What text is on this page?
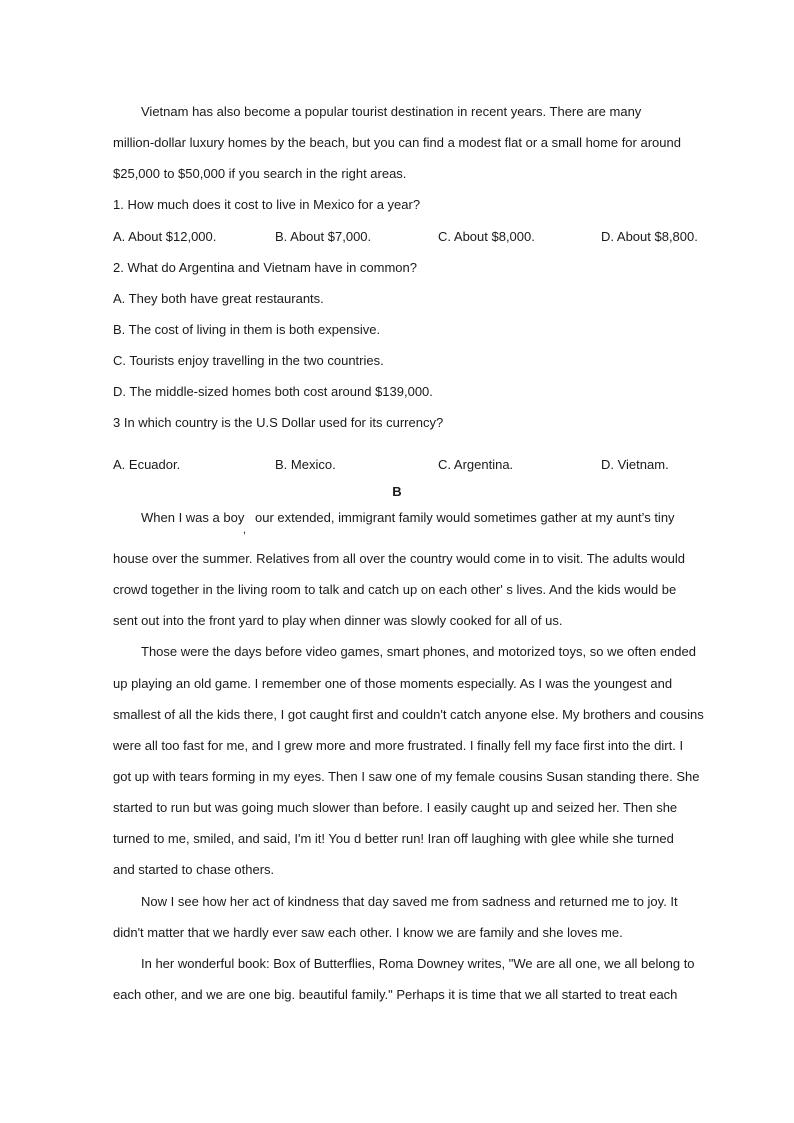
Vietnam has also become a popular tourist destination in recent years. There are many
million-dollar luxury homes by the beach, but you can find a modest flat or a small home for around
$25,000 to $50,000 if you search in the right areas.
1. How much does it cost to live in Mexico for a year?
A. About $12,000.	B. About $7,000.	C. About $8,000.	D. About $8,800.
2. What do Argentina and Vietnam have in common?
A. They both have great restaurants.
B. The cost of living in them is both expensive.
C. Tourists enjoy travelling in the two countries.
D. The middle-sized homes both cost around $139,000.
3 In which country is the U.S Dollar used for its currency?
A. Ecuador.	B. Mexico.	C. Argentina.	D. Vietnam.
B
When I was a boy
,
our extended, immigrant family would sometimes gather at my aunt’s tiny
house over the summer. Relatives from all over the country would come in to visit. The adults would
crowd together in the living room to talk and catch up on each other' s lives. And the kids would be
sent out into the front yard to play when dinner was slowly cooked for all of us.
Those were the days before video games, smart phones, and motorized toys, so we often ended
up playing an old game. I remember one of those moments especially. As I was the youngest and
smallest of all the kids there, I got caught first and couldn't catch anyone else. My brothers and cousins
were all too fast for me, and I grew more and more frustrated. I finally fell my face first into the dirt. I
got up with tears forming in my eyes. Then I saw one of my female cousins Susan standing there. She
started to run but was going much slower than before. I easily caught up and seized her. Then she
turned to me, smiled, and said, I'm it! You d better run! Iran off laughing with glee while she turned
and started to chase others.
Now I see how her act of kindness that day saved me from sadness and returned me to joy. It
didn't matter that we hardly ever saw each other. I know we are family and she loves me.
In her wonderful book: Box of Butterflies, Roma Downey writes, "We are all one, we all belong to
each other, and we are one big. beautiful family." Perhaps it is time that we all started to treat each
